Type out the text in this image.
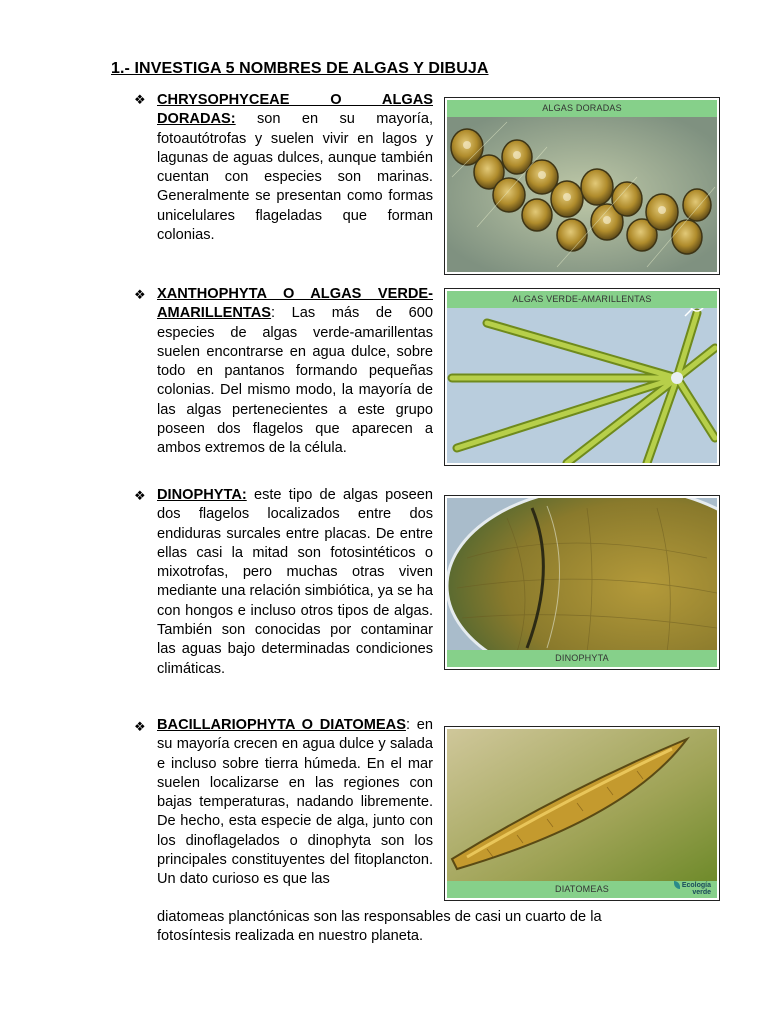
1.- INVESTIGA 5 NOMBRES DE ALGAS Y DIBUJA
❖ CHRYSOPHYCEAE O ALGAS DORADAS: son en su mayoría, fotoautótrofas y suelen vivir en lagos y lagunas de aguas dulces, aunque también cuentan con especies son marinas. Generalmente se presentan como formas unicelulares flageladas que forman colonias.
ALGAS DORADAS
❖ XANTHOPHYTA O ALGAS VERDE-AMARILLENTAS: Las más de 600 especies de algas verde-amarillentas suelen encontrarse en agua dulce, sobre todo en pantanos formando pequeñas colonias. Del mismo modo, la mayoría de las algas pertenecientes a este grupo poseen dos flagelos que aparecen a ambos extremos de la célula.
ALGAS VERDE-AMARILLENTAS
❖ DINOPHYTA: este tipo de algas poseen dos flagelos localizados entre dos endiduras surcales entre placas. De entre ellas casi la mitad son fotosintéticos o mixotrofas, pero muchas otras viven mediante una relación simbiótica, ya se ha con hongos e incluso otros tipos de algas. También son conocidas por contaminar las aguas bajo determinadas condiciones climáticas.
DINOPHYTA
❖ BACILLARIOPHYTA O DIATOMEAS: en su mayoría crecen en agua dulce y salada e incluso sobre tierra húmeda. En el mar suelen localizarse en las regiones con bajas temperaturas, nadando libremente. De hecho, esta especie de alga, junto con los dinoflagelados o dinophyta son los principales constituyentes del fitoplancton. Un dato curioso es que las
diatomeas planctónicas son las responsables de casi un cuarto de la fotosíntesis realizada en nuestro planeta.
DIATOMEAS	Ecología verde
